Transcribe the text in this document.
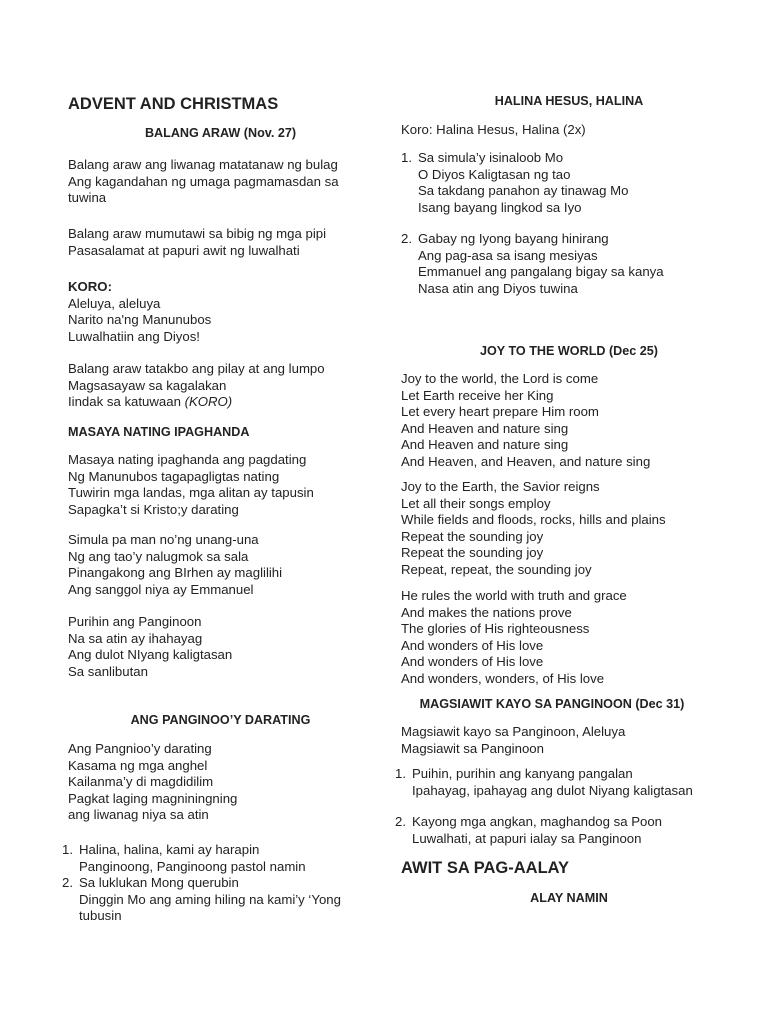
ADVENT AND CHRISTMAS
BALANG ARAW (Nov. 27)
Balang araw ang liwanag matatanaw ng bulag
Ang kagandahan ng umaga pagmamasdan sa
tuwina
Balang araw mumutawi sa bibig ng mga pipi
Pasasalamat at papuri awit ng luwalhati
KORO:
Aleluya, aleluya
Narito na'ng Manunubos
Luwalhatiin ang Diyos!
Balang araw tatakbo ang pilay at ang lumpo
Magsasayaw sa kagalakan
Iindak sa katuwaan (KORO)
MASAYA NATING IPAGHANDA
Masaya nating ipaghanda ang pagdating
Ng Manunubos tagapagligtas nating
Tuwirin mga landas, mga alitan ay tapusin
Sapagka’t si Kristo;y darating
Simula pa man no’ng unang-una
Ng ang tao’y nalugmok sa sala
Pinangakong ang BIrhen ay maglilihi
Ang sanggol niya ay Emmanuel
Purihin ang Panginoon
Na sa atin ay ihahayag
Ang dulot NIyang kaligtasan
Sa sanlibutan
ANG PANGINOO’Y DARATING
Ang Pangnioo’y darating
Kasama ng mga anghel
Kailanma’y di magdidilim
Pagkat laging magniningning
ang liwanag niya sa atin
1. Halina, halina, kami ay harapin
Panginoong, Panginoong pastol namin
2. Sa luklukan Mong querubin
Dinggin Mo ang aming hiling na kami’y ‘Yong
tubusin
HALINA HESUS, HALINA
Koro: Halina Hesus, Halina (2x)
1. Sa simula’y isinaloob Mo
O Diyos Kaligtasan ng tao
Sa takdang panahon ay tinawag Mo
Isang bayang lingkod sa Iyo
2. Gabay ng Iyong bayang hinirang
Ang pag-asa sa isang mesiyas
Emmanuel ang pangalang bigay sa kanya
Nasa atin ang Diyos tuwina
JOY TO THE WORLD (Dec 25)
Joy to the world, the Lord is come
Let Earth receive her King
Let every heart prepare Him room
And Heaven and nature sing
And Heaven and nature sing
And Heaven, and Heaven, and nature sing
Joy to the Earth, the Savior reigns
Let all their songs employ
While fields and floods, rocks, hills and plains
Repeat the sounding joy
Repeat the sounding joy
Repeat, repeat, the sounding joy
He rules the world with truth and grace
And makes the nations prove
The glories of His righteousness
And wonders of His love
And wonders of His love
And wonders, wonders, of His love
MAGSIAWIT KAYO SA PANGINOON (Dec 31)
Magsiawit kayo sa Panginoon, Aleluya
Magsiawit sa Panginoon
1. Puihin, purihin ang kanyang pangalan
Ipahayag, ipahayag ang dulot Niyang kaligtasan
2. Kayong mga angkan, maghandog sa Poon
Luwalhati, at papuri ialay sa Panginoon
AWIT SA PAG-AALAY
ALAY NAMIN
